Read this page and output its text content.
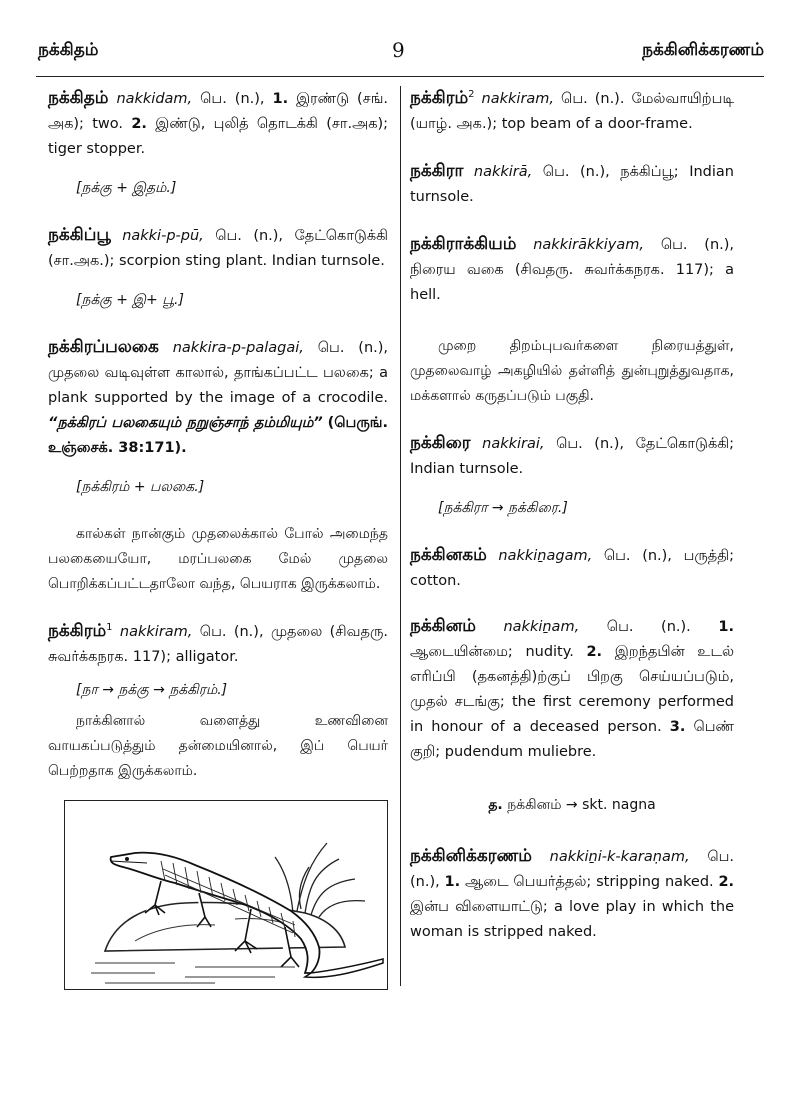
நக்கிதம்	9	நக்கினிக்கரணம்
நக்கிதம் nakkidam, பெ. (n.), 1. இரண்டு (சங். அக); two. 2. இண்டு, புலித் தொடக்கி (சா.அக); tiger stopper.
[நக்கு + இதம்.]
நக்கிப்பூ nakki-p-pū, பெ. (n.), தேட்கொடுக்கி (சா.அக.); scorpion sting plant. Indian turnsole.
[நக்கு + இ+ பூ.]
நக்கிரப்பலகை nakkira-p-palagai, பெ. (n.), முதலை வடிவுள்ள காலால், தாங்கப்பட்ட பலகை; a plank supported by the image of a crocodile. “நக்கிரப் பலகையும் நறுஞ்சாந் தம்மியும்” (பெருங். உஞ்சைக். 38:171).
[நக்கிரம் + பலகை.]
கால்கள் நான்கும் முதலைக்கால் போல் அமைந்த பலகையையோ, மரப்பலகை மேல் முதலை பொறிக்கப்பட்டதாலோ வந்த, பெயராக இருக்கலாம்.
நக்கிரம்$^1$ nakkiram, பெ. (n.), முதலை (சிவதரு. சுவர்க்கநரக. 117); alligator.
[நா → நக்கு → நக்கிரம்.]
நாக்கினால் வளைத்து உணவினை வாயகப்படுத்தும் தன்மையினால், இப் பெயர் பெற்றதாக இருக்கலாம்.
நக்கிரம்$^2$ nakkiram, பெ. (n.). மேல்வாயிற்படி (யாழ். அக.); top beam of a door-frame.
நக்கிரா nakkirā, பெ. (n.), நக்கிப்பூ; Indian turnsole.
நக்கிராக்கியம் nakkirākkiyam, பெ. (n.), நிரைய வகை (சிவதரு. சுவர்க்கநரக. 117); a hell.
முறை திறம்புபவர்களை நிரையத்துள், முதலைவாழ் அகழியில் தள்ளித் துன்புறுத்துவதாக, மக்களால் கருதப்படும் பகுதி.
நக்கிரை nakkirai, பெ. (n.), தேட்கொடுக்கி; Indian turnsole.
[நக்கிரா → நக்கிரை.]
நக்கினகம் nakkiṉagam, பெ. (n.), பருத்தி; cotton.
நக்கினம் nakkiṉam, பெ. (n.). 1. ஆடையின்மை; nudity. 2. இறந்தபின் உடல் எரிப்பி (தகனத்தி)ற்குப் பிறகு செய்யப்படும், முதல் சடங்கு; the first ceremony performed in honour of a deceased person. 3. பெண் குறி; pudendum muliebre.
த. நக்கினம் → skt. nagna
நக்கினிக்கரணம் nakkiṉi-k-karaṇam, பெ. (n.), 1. ஆடை பெயர்த்தல்; stripping naked. 2. இன்ப விளையாட்டு; a love play in which the woman is stripped naked.
